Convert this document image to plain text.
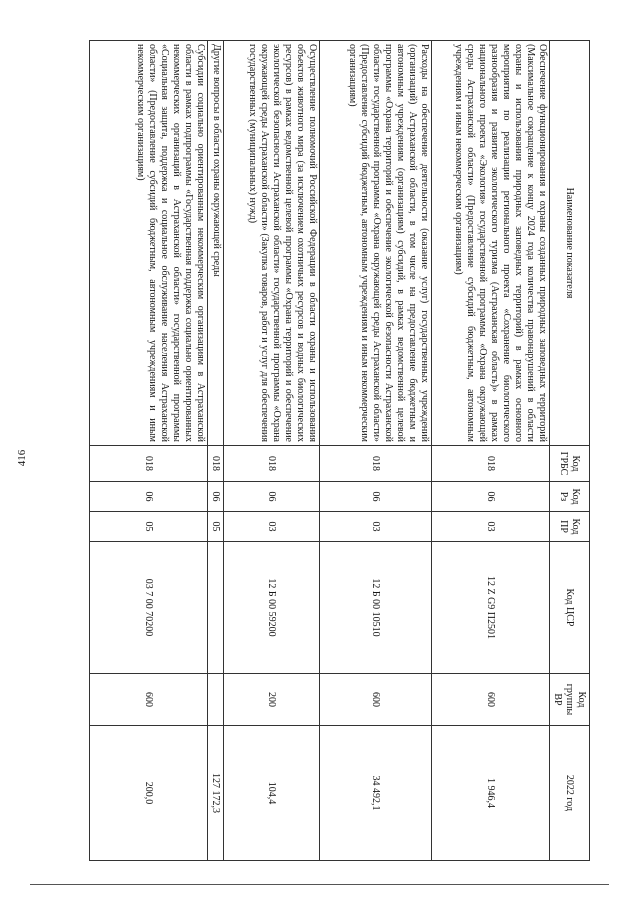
416
Наименование показателя	Код ГРБС	Код Рз	Код ПР	Код ЦСР	Код группы ВР	2022 год
Обеспечение функционирования и охраны созданных природных заповедных территорий (Максимальное сокращение к концу 2024 года количества правонарушений в области охраны и использования природных заповедных территорий) в рамках основного мероприятия по реализации регионального проекта «Сохранение биологического разнообразия и развитие экологического туризма (Астраханская область)» в рамках национального проекта «Экология» государственной программы «Охрана окружающей среды Астраханской области» (Предоставление субсидий бюджетным, автономным учреждениям и иным некоммерческим организациям)	018	06	03	12 Z G9 П2501	600	1 946,4
Расходы на обеспечение деятельности (оказание услуг) государственных учреждений (организаций) Астраханской области, в том числе на предоставление бюджетным и автономным учреждениям (организациям) субсидий, в рамках ведомственной целевой программы «Охрана территорий и обеспечение экологической безопасности Астраханской области» государственной программы «Охрана окружающей среды Астраханской области» (Предоставление субсидий бюджетным, автономным учреждениям и иным некоммерческим организациям)	018	06	03	12 Б 00 10510	600	34 492,1
Осуществление полномочий Российской Федерации в области охраны и использования объектов животного мира (за исключением охотничьих ресурсов и водных биологических ресурсов) в рамках ведомственной целевой программы «Охрана территорий и обеспечение экологической безопасности Астраханской области» государственной программы «Охрана окружающей среды Астраханской области» (Закупка товаров, работ и услуг для обеспечения государственных (муниципальных) нужд)	018	06	03	12 Б 00 59200	200	104,4
Другие вопросы в области охраны окружающей среды	018	06	05			127 172,3
Субсидии социально ориентированным некоммерческим организациям в Астраханской области в рамках подпрограммы «Государственная поддержка социально ориентированных некоммерческих организаций в Астраханской области» государственной программы «Социальная защита, поддержка и социальное обслуживание населения Астраханской области» (Предоставление субсидий бюджетным, автономным учреждениям и иным некоммерческим организациям)	018	06	05	03 7 00 70200	600	200,0
